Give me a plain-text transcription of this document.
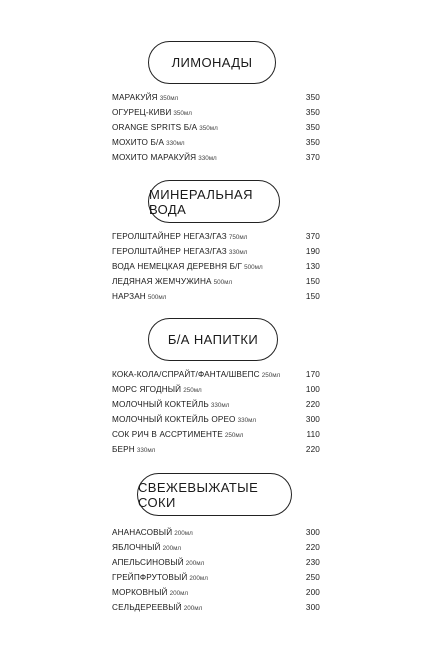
ЛИМОНАДЫ
МАРАКУЙЯ 350мл	350
ОГУРЕЦ-КИВИ 350мл	350
ORANGE SPRITS Б/А 350мл	350
МОХИТО Б/А 330мл	350
МОХИТО МАРАКУЙЯ 330мл	370
МИНЕРАЛЬНАЯ ВОДА
ГЕРОЛШТАЙНЕР НЕГАЗ/ГАЗ 750мл	370
ГЕРОЛШТАЙНЕР НЕГАЗ/ГАЗ 330мл	190
ВОДА НЕМЕЦКАЯ ДЕРЕВНЯ Б/Г 500мл	130
ЛЕДЯНАЯ ЖЕМЧУЖИНА 500мл	150
НАРЗАН 500мл	150
Б/А НАПИТКИ
КОКА-КОЛА/СПРАЙТ/ФАНТА/ШВЕПС 250мл	170
МОРС ЯГОДНЫЙ 250мл	100
МОЛОЧНЫЙ КОКТЕЙЛЬ 330мл	220
МОЛОЧНЫЙ КОКТЕЙЛЬ ОРЕО 330мл	300
СОК РИЧ В АССРТИМЕНТЕ 250мл	110
БЕРН 330мл	220
СВЕЖЕВЫЖАТЫЕ СОКИ
АНАНАСОВЫЙ 200мл	300
ЯБЛОЧНЫЙ 200мл	220
АПЕЛЬСИНОВЫЙ 200мл	230
ГРЕЙПФРУТОВЫЙ 200мл	250
МОРКОВНЫЙ 200мл	200
СЕЛЬДЕРЕЕВЫЙ 200мл	300
